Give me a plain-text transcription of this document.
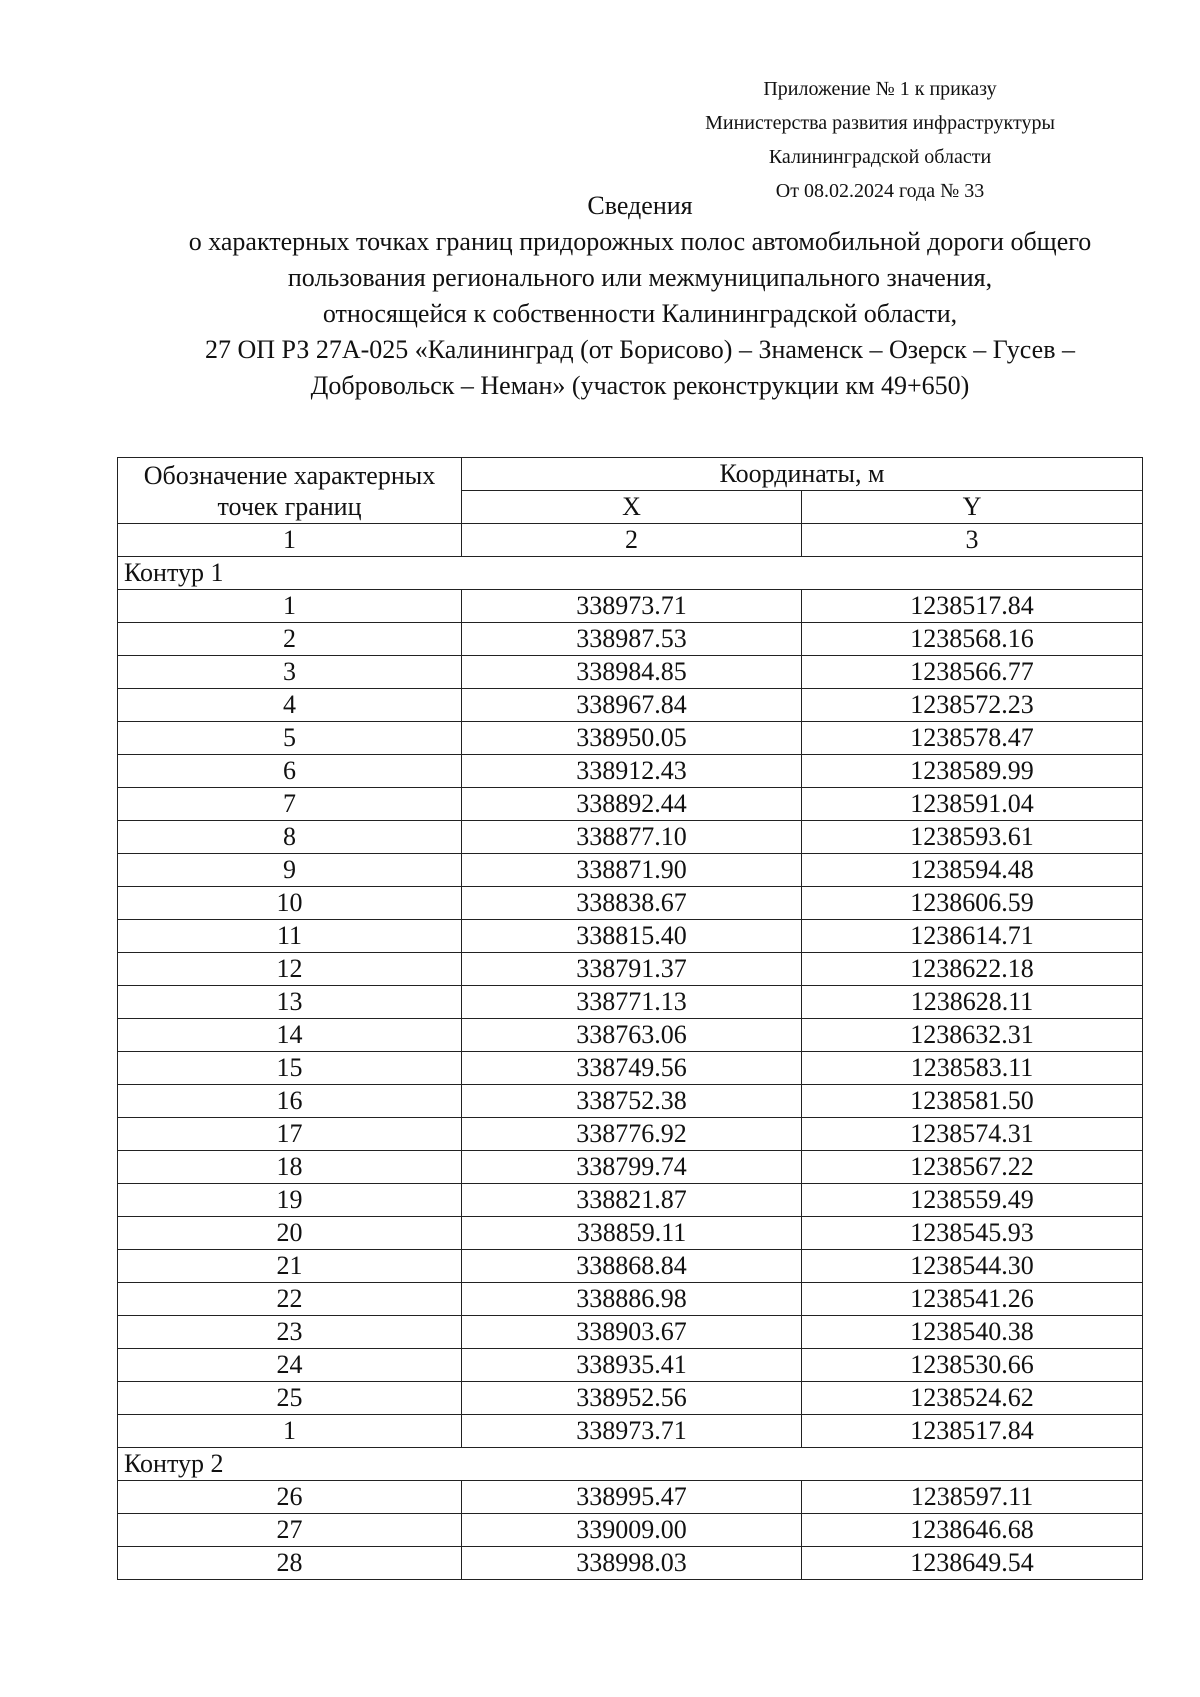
Приложение № 1 к приказу
Министерства развития инфраструктуры
Калининградской области
От 08.02.2024 года № 33
Сведения
о характерных точках границ придорожных полос автомобильной дороги общего
пользования регионального или межмуниципального значения,
относящейся к собственности Калининградской области,
27 ОП РЗ 27А-025 «Калининград (от Борисово) – Знаменск – Озерск – Гусев –
Добровольск – Неман» (участок реконструкции км 49+650)
Обозначение характерных точек границ	Координаты, м	
	X	Y
1	2	3
Контур 1		
1	338973.71	1238517.84
2	338987.53	1238568.16
3	338984.85	1238566.77
4	338967.84	1238572.23
5	338950.05	1238578.47
6	338912.43	1238589.99
7	338892.44	1238591.04
8	338877.10	1238593.61
9	338871.90	1238594.48
10	338838.67	1238606.59
11	338815.40	1238614.71
12	338791.37	1238622.18
13	338771.13	1238628.11
14	338763.06	1238632.31
15	338749.56	1238583.11
16	338752.38	1238581.50
17	338776.92	1238574.31
18	338799.74	1238567.22
19	338821.87	1238559.49
20	338859.11	1238545.93
21	338868.84	1238544.30
22	338886.98	1238541.26
23	338903.67	1238540.38
24	338935.41	1238530.66
25	338952.56	1238524.62
1	338973.71	1238517.84
Контур 2		
26	338995.47	1238597.11
27	339009.00	1238646.68
28	338998.03	1238649.54
